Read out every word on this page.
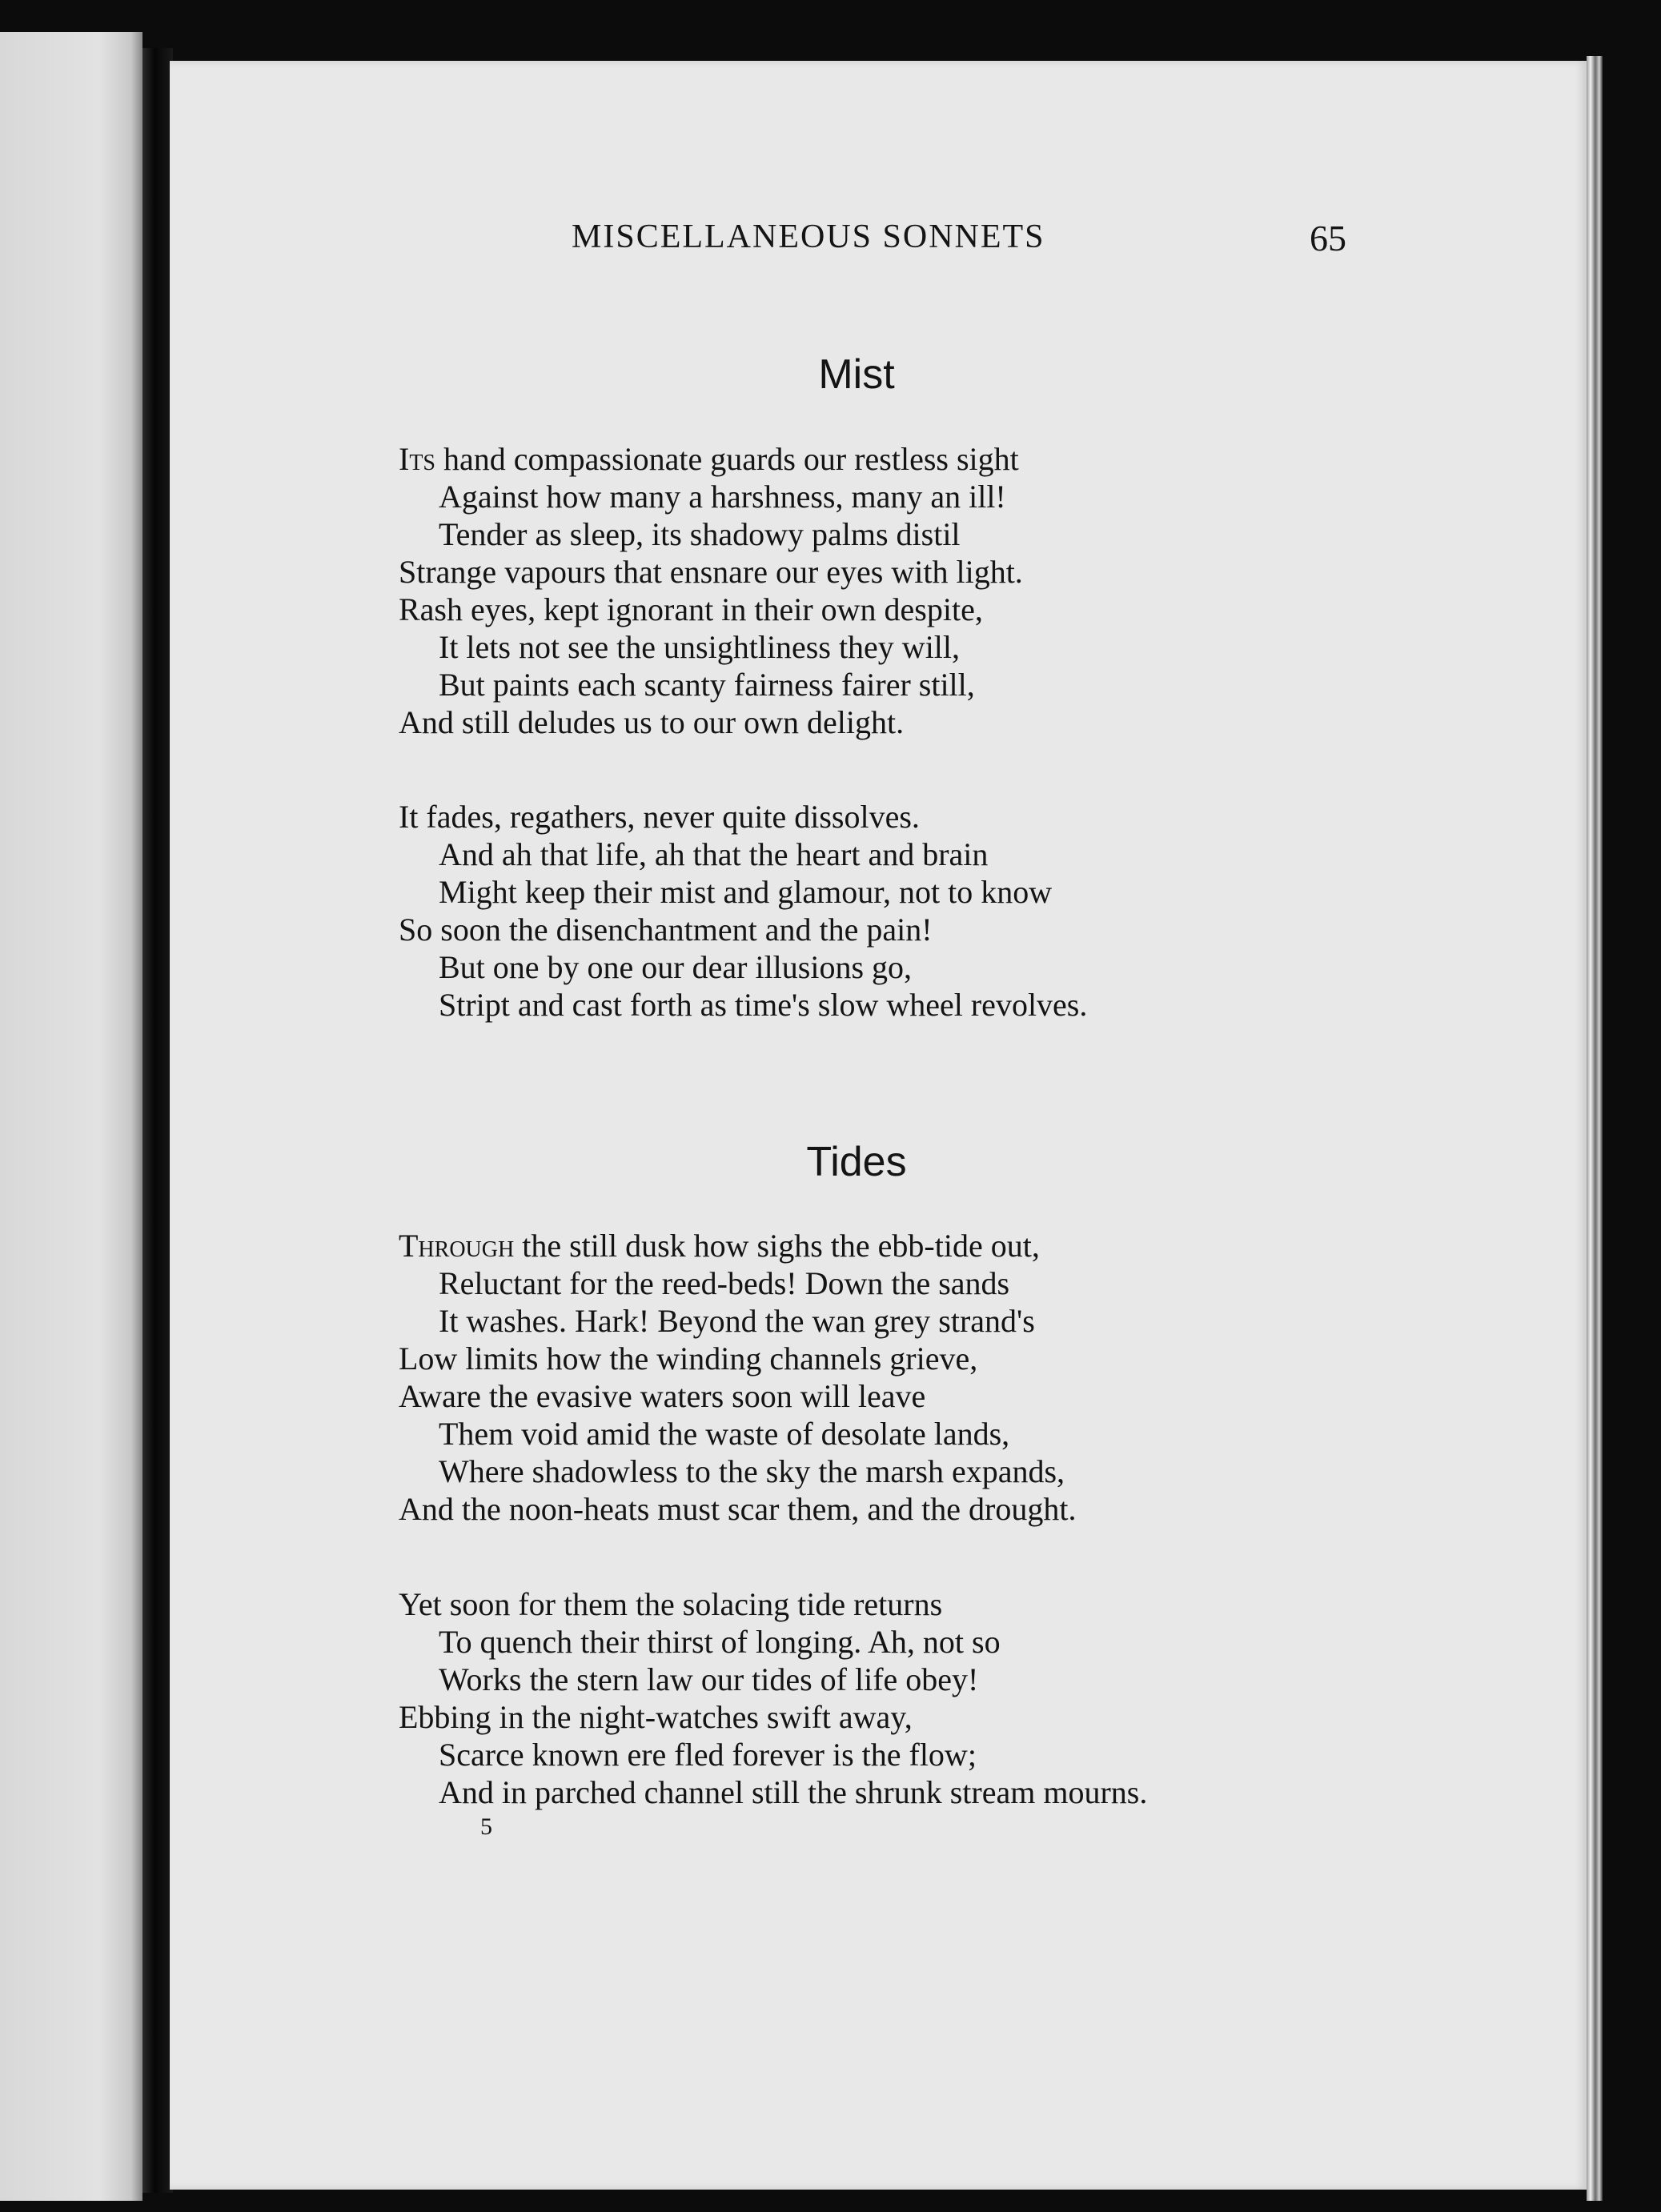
MISCELLANEOUS SONNETS	65
Mist
Its hand compassionate guards our restless sight
Against how many a harshness, many an ill!
Tender as sleep, its shadowy palms distil
Strange vapours that ensnare our eyes with light.
Rash eyes, kept ignorant in their own despite,
It lets not see the unsightliness they will,
But paints each scanty fairness fairer still,
And still deludes us to our own delight.
It fades, regathers, never quite dissolves.
And ah that life, ah that the heart and brain
Might keep their mist and glamour, not to know
So soon the disenchantment and the pain!
But one by one our dear illusions go,
Stript and cast forth as time's slow wheel revolves.
Tides
Through the still dusk how sighs the ebb-tide out,
Reluctant for the reed-beds! Down the sands
It washes. Hark! Beyond the wan grey strand's
Low limits how the winding channels grieve,
Aware the evasive waters soon will leave
Them void amid the waste of desolate lands,
Where shadowless to the sky the marsh expands,
And the noon-heats must scar them, and the drought.
Yet soon for them the solacing tide returns
To quench their thirst of longing. Ah, not so
Works the stern law our tides of life obey!
Ebbing in the night-watches swift away,
Scarce known ere fled forever is the flow;
And in parched channel still the shrunk stream mourns.
5
